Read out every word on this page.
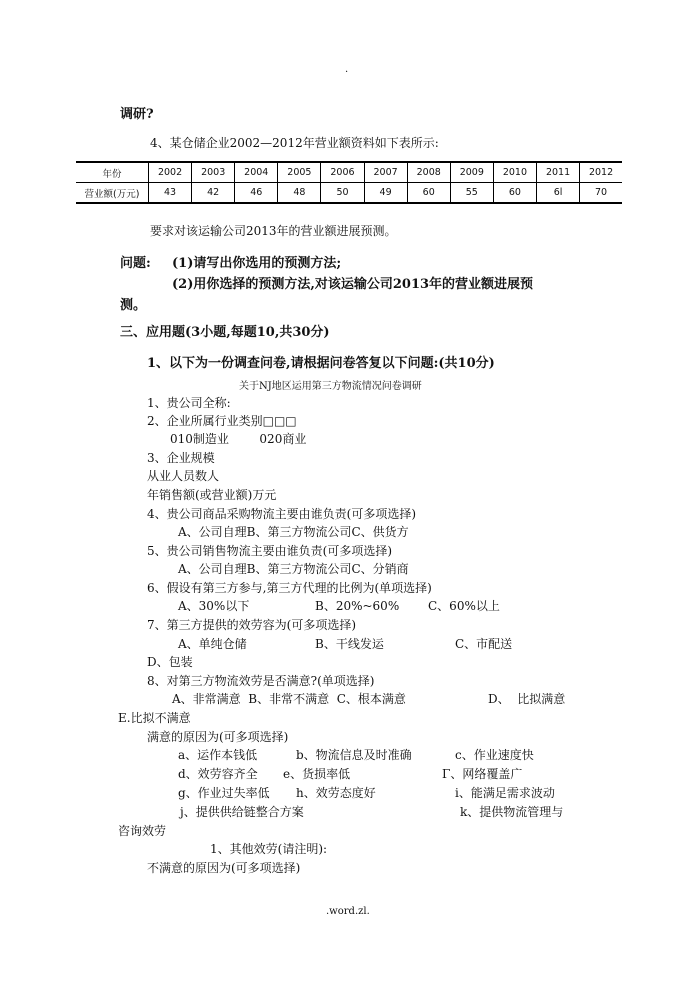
.
调研?
4、某仓储企业2002—2012年营业额资料如下表所示:
年份	2002	2003	2004	2005	2006	2007	2008	2009	2010	2011	2012
营业额(万元)	43	42	46	48	50	49	60	55	60	6l	70
要求对该运输公司2013年的营业额进展预测。
问题: (1)请写出你选用的预测方法;
(2)用你选择的预测方法,对该运输公司2013年的营业额进展预
测。
三、应用题(3小题,每题10,共30分)
1、以下为一份调查问卷,请根据问卷答复以下问题:(共10分)
关于NJ地区运用第三方物流情况问卷调研
1、贵公司全称:
2、企业所属行业类别□□□
010制造业        020商业
3、企业规模
从业人员数人
年销售额(或营业额)万元
4、贵公司商品采购物流主要由谁负责(可多项选择)
A、公司自理B、第三方物流公司C、供货方
5、贵公司销售物流主要由谁负责(可多项选择)
A、公司自理B、第三方物流公司C、分销商
6、假设有第三方参与,第三方代理的比例为(单项选择)
A、30%以下	B、20%~60% C、60%以上
7、第三方提供的效劳容为(可多项选择)
A、单纯仓储	B、干线发运	C、市配送
D、包装
8、对第三方物流效劳是否满意?(单项选择)
A、非常满意  B、非常不满意  C、根本满意	D、  比拟满意
E.比拟不满意
满意的原因为(可多项选择)
a、运作本钱低	b、物流信息及时准确	c、作业速度快
d、效劳容齐全 e、货损率低	Γ、网络覆盖广
g、作业过失率低 h、效劳态度好	i、能满足需求波动
j、提供供给链整合方案	k、提供物流管理与
咨询效劳
1、其他效劳(请注明):
不满意的原因为(可多项选择)
.word.zl.
